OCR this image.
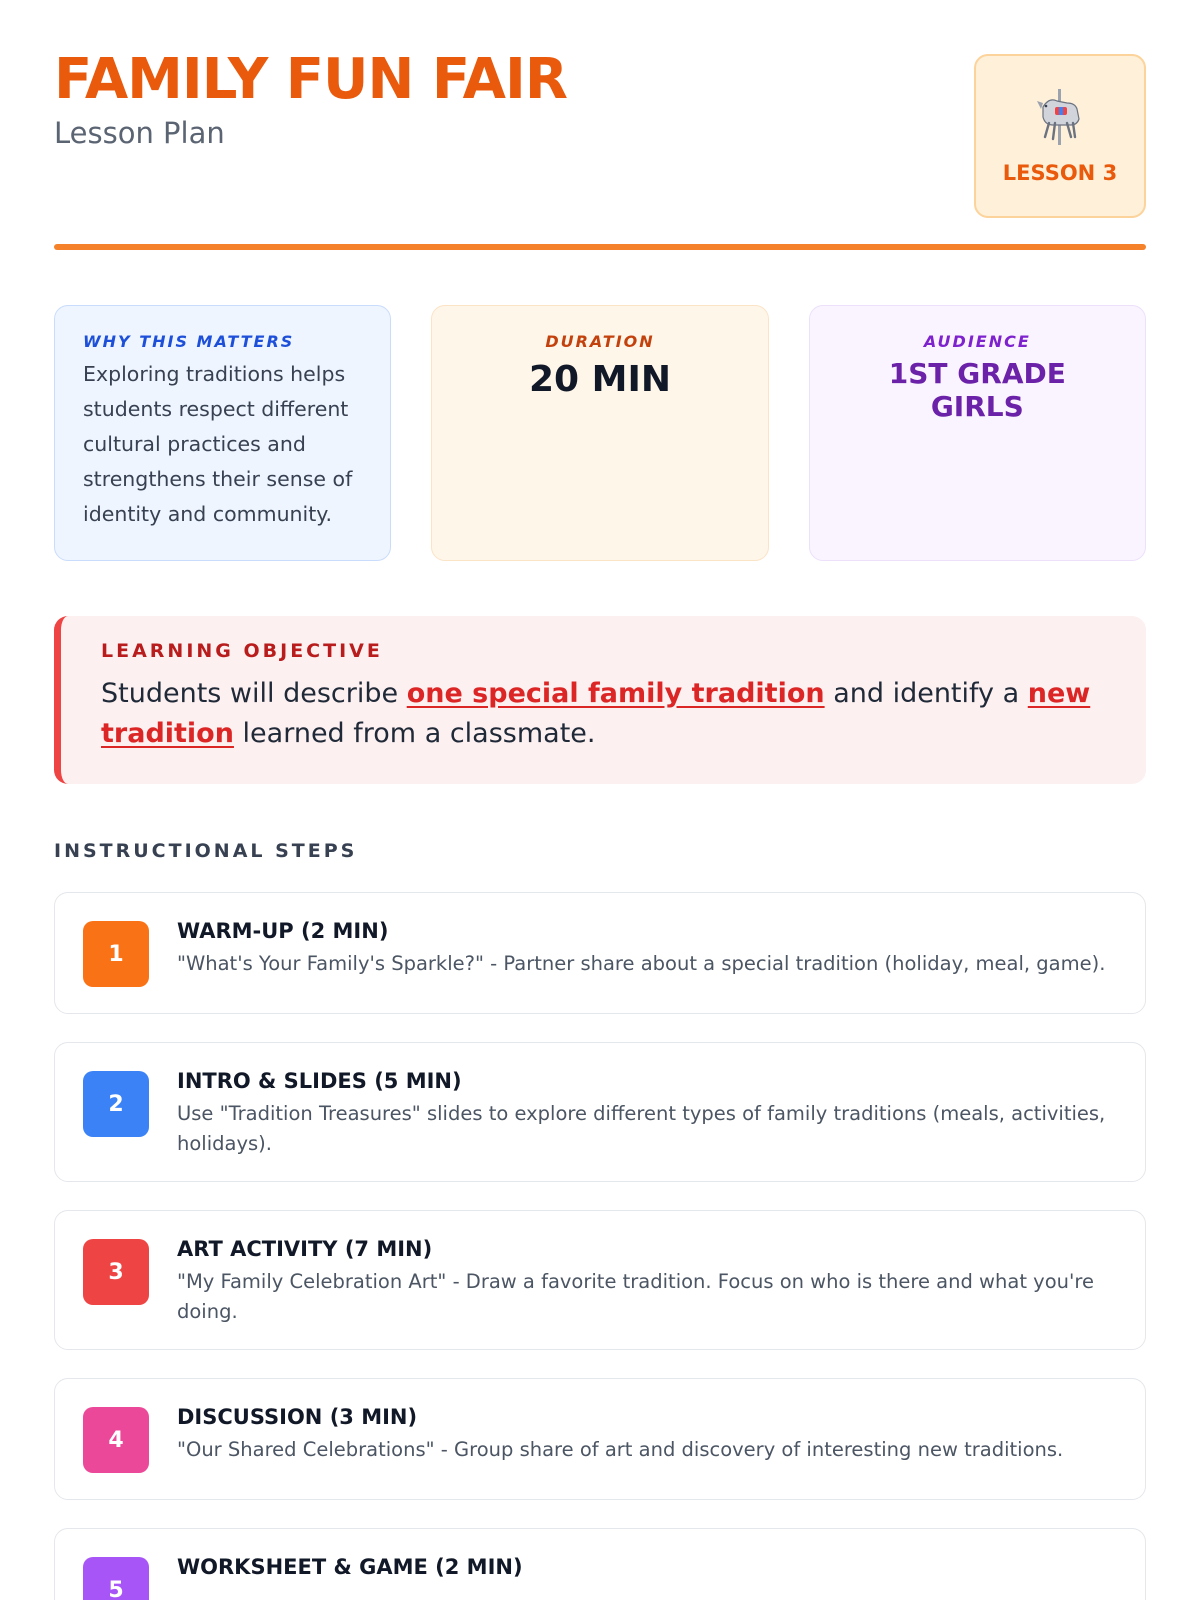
FAMILY FUN FAIR
Lesson Plan
LESSON 3
WHY THIS MATTERS
Exploring traditions helps students respect different cultural practices and strengthens their sense of identity and community.
DURATION
20 MIN
AUDIENCE
1ST GRADE GIRLS
LEARNING OBJECTIVE
Students will describe one special family tradition and identify a new tradition learned from a classmate.
INSTRUCTIONAL STEPS
1
WARM-UP (2 MIN)
"What's Your Family's Sparkle?" - Partner share about a special tradition (holiday, meal, game).
2
INTRO & SLIDES (5 MIN)
Use "Tradition Treasures" slides to explore different types of family traditions (meals, activities, holidays).
3
ART ACTIVITY (7 MIN)
"My Family Celebration Art" - Draw a favorite tradition. Focus on who is there and what you're doing.
4
DISCUSSION (3 MIN)
"Our Shared Celebrations" - Group share of art and discovery of interesting new traditions.
5
WORKSHEET & GAME (2 MIN)
